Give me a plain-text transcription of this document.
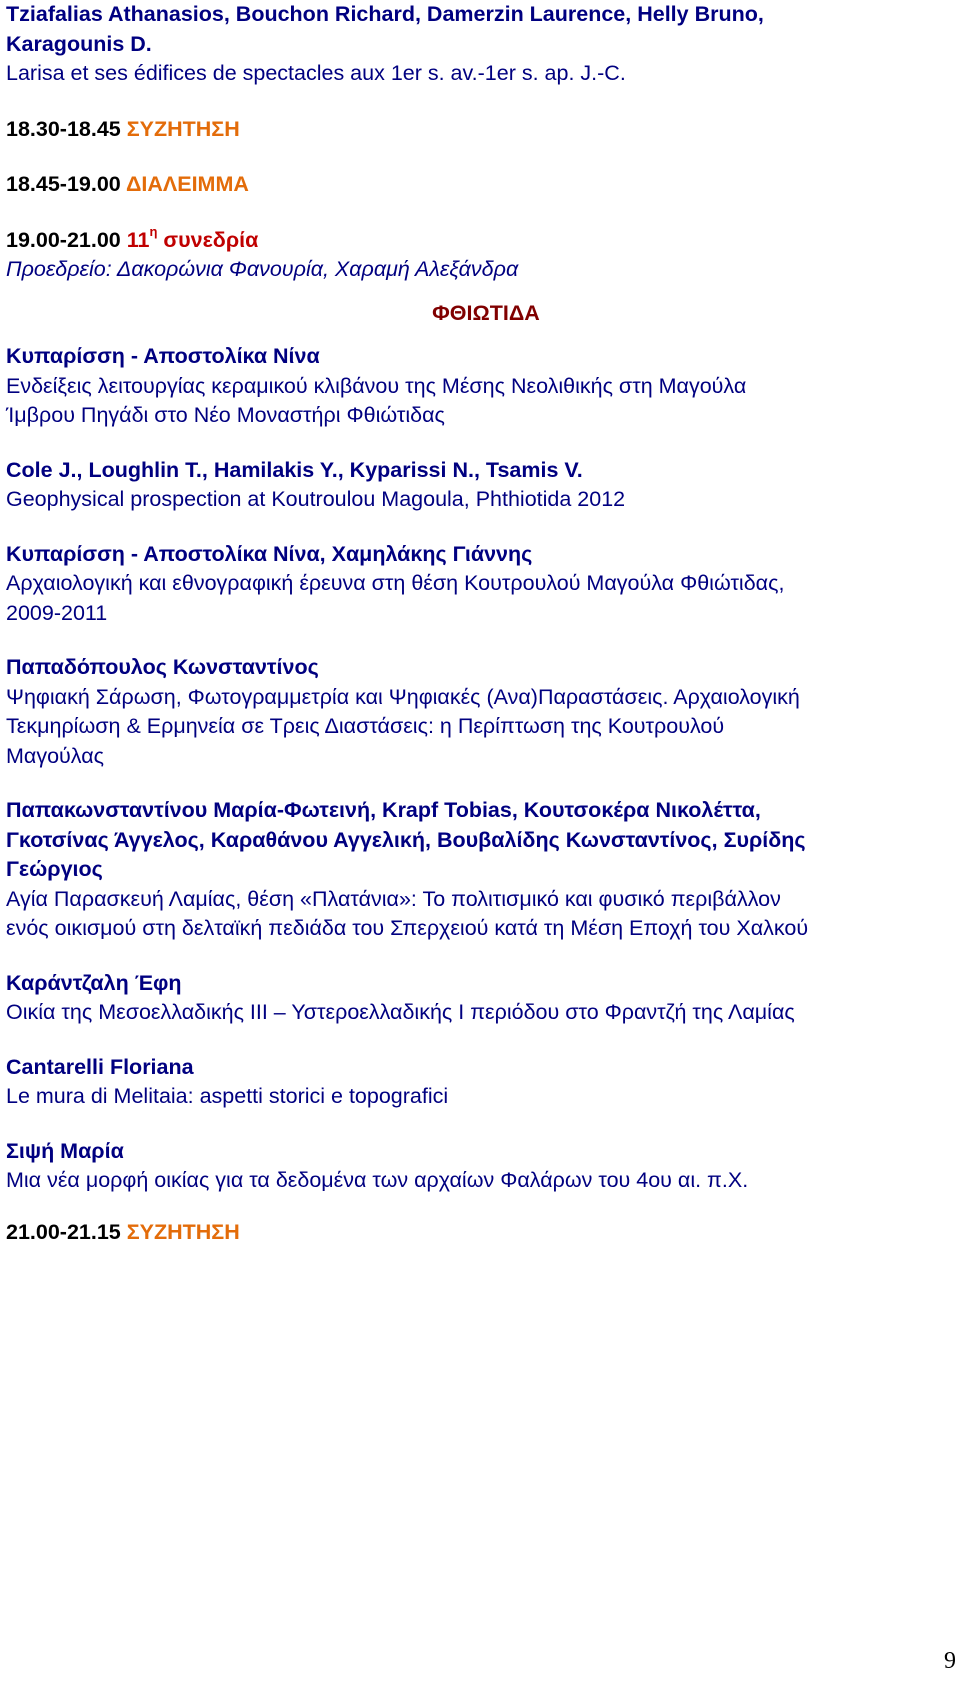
Tziafalias Athanasios, Bouchon Richard, Damerzin Laurence, Helly Bruno,
Karagounis D.
Larisa et ses édifices de spectacles aux 1er s. av.-1er s. ap. J.-C.
18.30-18.45 ΣΥΖΗΤΗΣΗ
18.45-19.00 ΔΙΑΛΕΙΜΜΑ
19.00-21.00 $11^\eta$ συνεδρία
Προεδρείο: Δακορώνια Φανουρία, Χαραμή Αλεξάνδρα
ΦΘΙΩΤΙΔΑ
Κυπαρίσση - Αποστολίκα Νίνα
Ενδείξεις λειτουργίας κεραμικού κλιβάνου της Μέσης Νεολιθικής στη Μαγούλα
Ίμβρου Πηγάδι στο Νέο Μοναστήρι Φθιώτιδας
Cole J., Loughlin T., Hamilakis Y., Kyparissi N., Tsamis V.
Geophysical prospection at Koutroulou Magoula, Phthiotida 2012
Κυπαρίσση - Αποστολίκα Νίνα, Χαμηλάκης Γιάννης
Αρχαιολογική και εθνογραφική έρευνα στη θέση Κουτρουλού Μαγούλα Φθιώτιδας,
2009-2011
Παπαδόπουλος Κωνσταντίνος
Ψηφιακή Σάρωση, Φωτογραμμετρία και Ψηφιακές (Ανα)Παραστάσεις. Αρχαιολογική
Τεκμηρίωση & Ερμηνεία σε Τρεις Διαστάσεις: η Περίπτωση της Κουτρουλού
Μαγούλας
Παπακωνσταντίνου Μαρία-Φωτεινή, Krapf Tobias, Κουτσοκέρα Νικολέττα,
Γκοτσίνας Άγγελος, Καραθάνου Αγγελική, Βουβαλίδης Κωνσταντίνος, Συρίδης
Γεώργιος
Αγία Παρασκευή Λαμίας, θέση «Πλατάνια»: Το πολιτισμικό και φυσικό περιβάλλον
ενός οικισμού στη δελταϊκή πεδιάδα του Σπερχειού κατά τη Μέση Εποχή του Χαλκού
Καράντζαλη Έφη
Οικία της Μεσοελλαδικής ΙΙΙ – Υστεροελλαδικής Ι περιόδου στο Φραντζή της Λαμίας
Cantarelli Floriana
Le mura di Melitaia: aspetti storici e topografici
Σιψή Μαρία
Μια νέα μορφή οικίας για τα δεδομένα των αρχαίων Φαλάρων του 4ου αι. π.Χ.
21.00-21.15 ΣΥΖΗΤΗΣΗ
9
